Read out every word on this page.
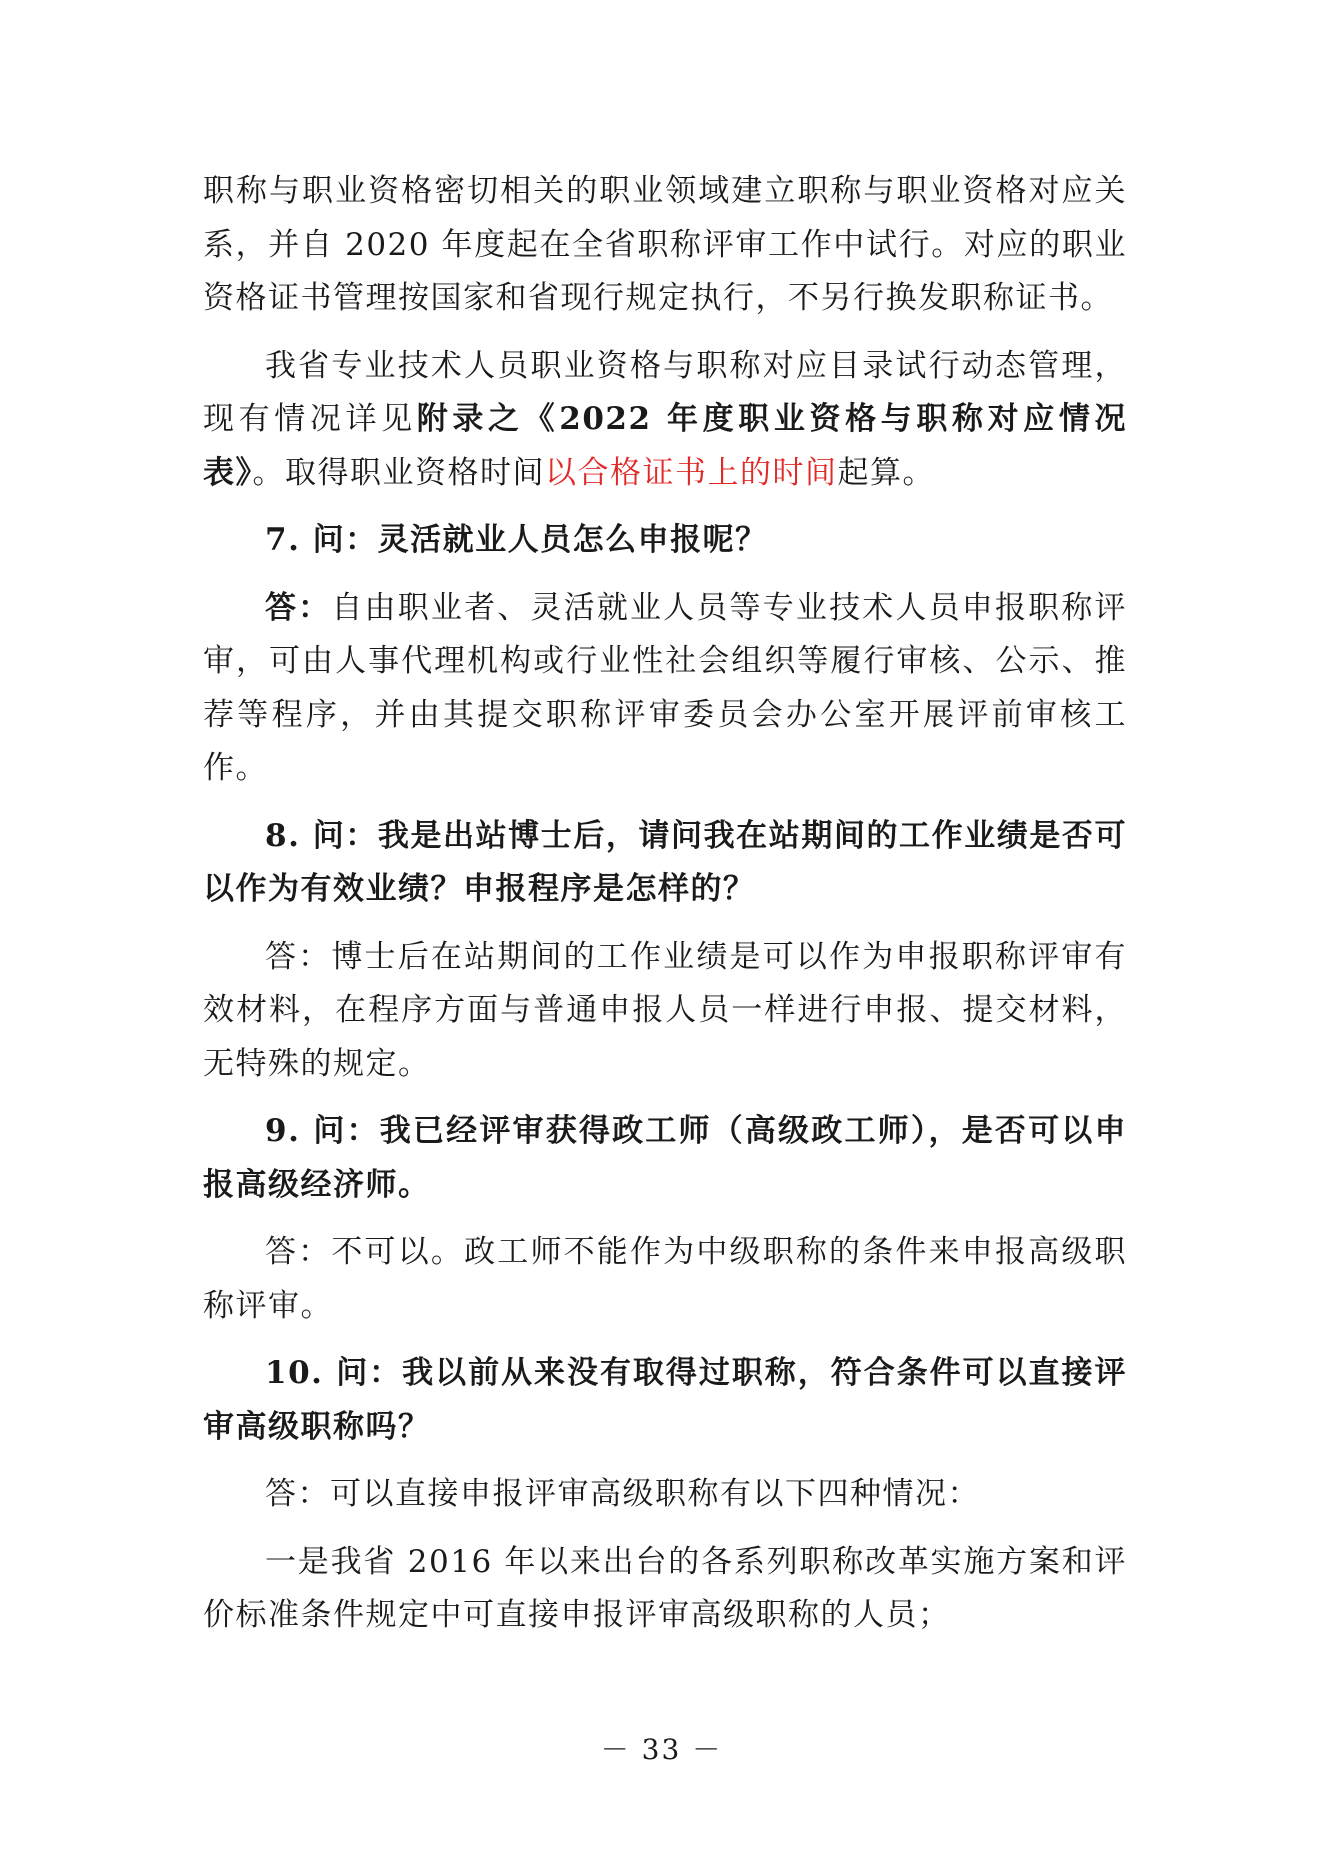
职称与职业资格密切相关的职业领域建立职称与职业资格对应关系，并自 2020 年度起在全省职称评审工作中试行。对应的职业资格证书管理按国家和省现行规定执行，不另行换发职称证书。

我省专业技术人员职业资格与职称对应目录试行动态管理，现有情况详见附录之《2022 年度职业资格与职称对应情况表》。取得职业资格时间以合格证书上的时间起算。

7. 问：灵活就业人员怎么申报呢？

答：自由职业者、灵活就业人员等专业技术人员申报职称评审，可由人事代理机构或行业性社会组织等履行审核、公示、推荐等程序，并由其提交职称评审委员会办公室开展评前审核工作。

8. 问：我是出站博士后，请问我在站期间的工作业绩是否可以作为有效业绩？申报程序是怎样的？

答：博士后在站期间的工作业绩是可以作为申报职称评审有效材料，在程序方面与普通申报人员一样进行申报、提交材料，无特殊的规定。

9. 问：我已经评审获得政工师（高级政工师），是否可以申报高级经济师。

答：不可以。政工师不能作为中级职称的条件来申报高级职称评审。

10. 问：我以前从来没有取得过职称，符合条件可以直接评审高级职称吗？

答：可以直接申报评审高级职称有以下四种情况：

一是我省 2016 年以来出台的各系列职称改革实施方案和评价标准条件规定中可直接申报评审高级职称的人员；

－ 33 －
